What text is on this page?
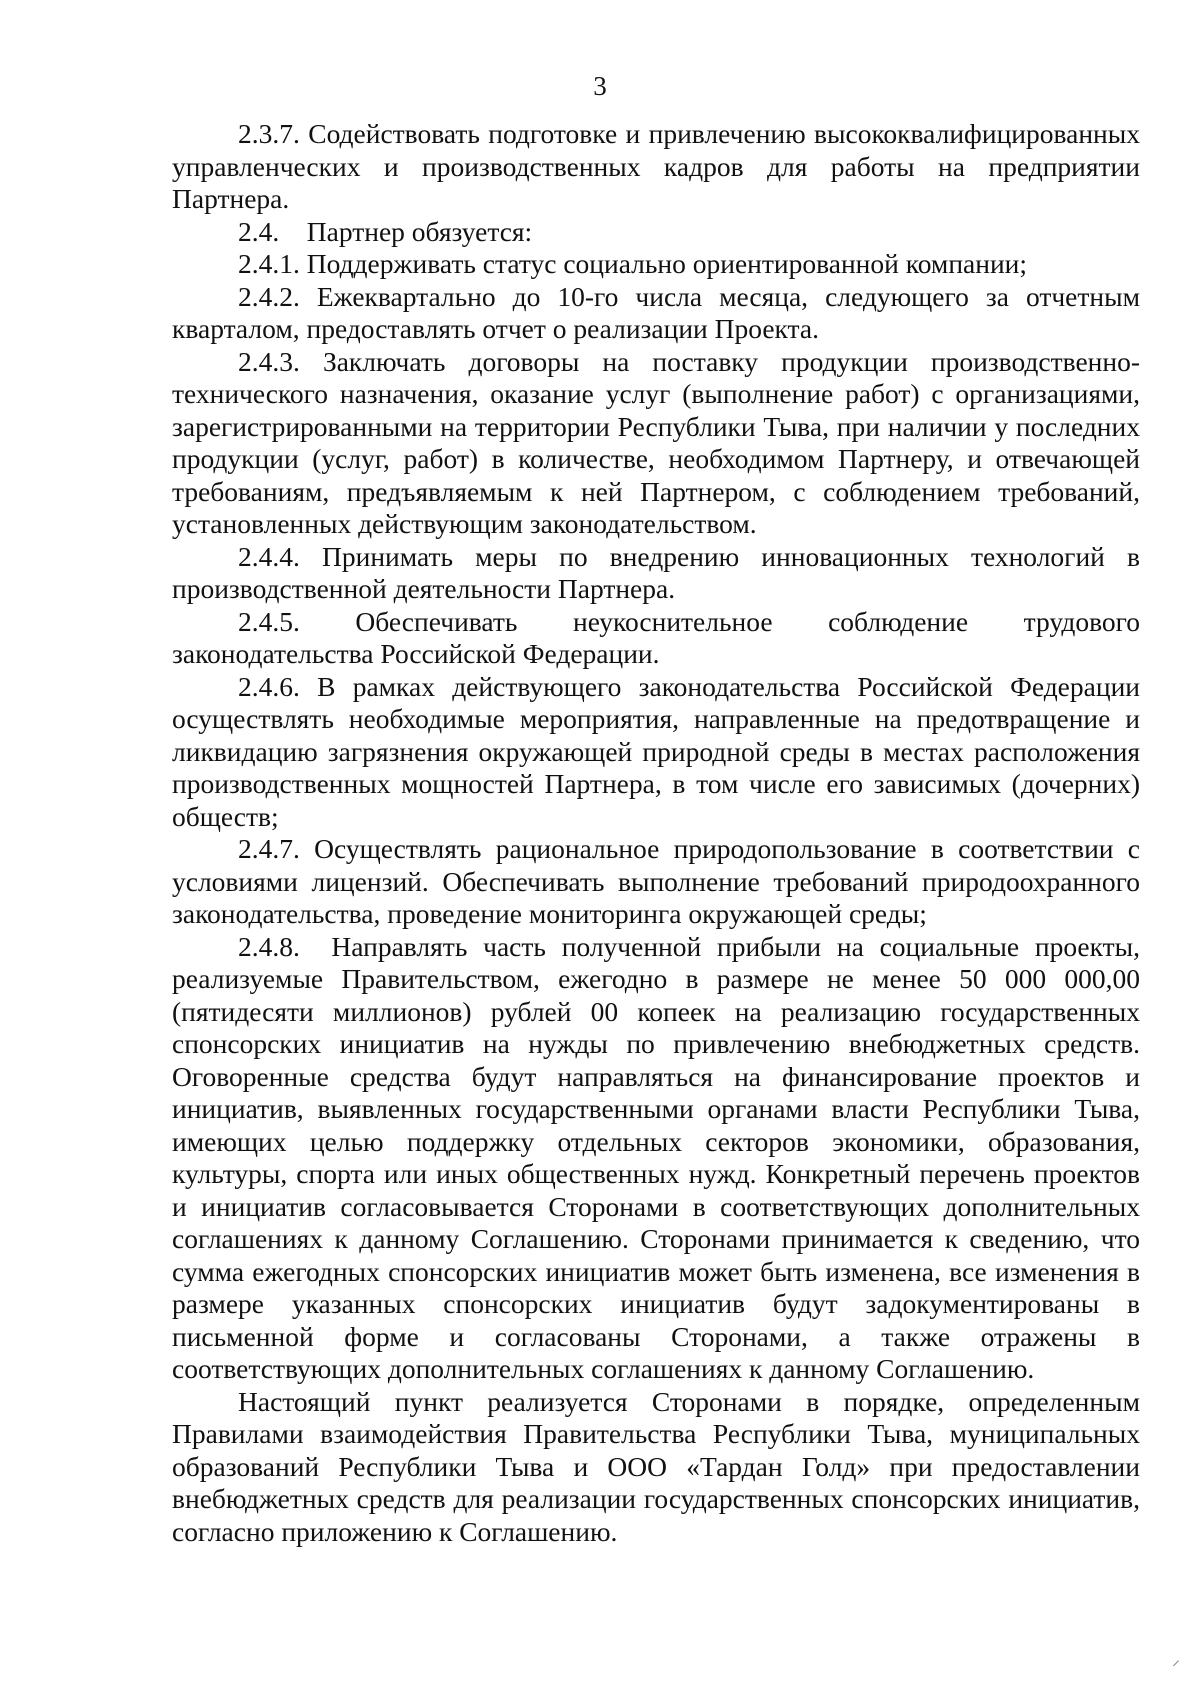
3

2.3.7. Содействовать подготовке и привлечению высококвалифицированных управленческих и производственных кадров для работы на предприятии Партнера.

2.4.    Партнер обязуется:

2.4.1. Поддерживать статус социально ориентированной компании;

2.4.2. Ежеквартально до 10-го числа месяца, следующего за отчетным кварталом, предоставлять отчет о реализации Проекта.

2.4.3. Заключать договоры на поставку продукции производственно-технического назначения, оказание услуг (выполнение работ) с организациями, зарегистрированными на территории Республики Тыва, при наличии у последних продукции (услуг, работ) в количестве, необходимом Партнеру, и отвечающей требованиям, предъявляемым к ней Партнером, с соблюдением требований, установленных действующим законодательством.

2.4.4. Принимать меры по внедрению инновационных технологий в производственной деятельности Партнера.

2.4.5. Обеспечивать неукоснительное соблюдение трудового законодательства Российской Федерации.

2.4.6. В рамках действующего законодательства Российской Федерации осуществлять необходимые мероприятия, направленные на предотвращение и ликвидацию загрязнения окружающей природной среды в местах расположения производственных мощностей Партнера, в том числе его зависимых (дочерних) обществ;

2.4.7. Осуществлять рациональное природопользование в соответствии с условиями лицензий. Обеспечивать выполнение требований природоохранного законодательства, проведение мониторинга окружающей среды;

2.4.8.  Направлять часть полученной прибыли на социальные проекты, реализуемые Правительством, ежегодно в размере не менее 50 000 000,00 (пятидесяти миллионов) рублей 00 копеек на реализацию государственных спонсорских инициатив на нужды по привлечению внебюджетных средств. Оговоренные средства будут направляться на финансирование проектов и инициатив, выявленных государственными органами власти Республики Тыва, имеющих целью поддержку отдельных секторов экономики, образования, культуры, спорта или иных общественных нужд. Конкретный перечень проектов и инициатив согласовывается Сторонами в соответствующих дополнительных соглашениях к данному Соглашению. Сторонами принимается к сведению, что сумма ежегодных спонсорских инициатив может быть изменена, все изменения в размере указанных спонсорских инициатив будут задокументированы в письменной форме и согласованы Сторонами, а также отражены в соответствующих дополнительных соглашениях к данному Соглашению.

Настоящий пункт реализуется Сторонами в порядке, определенным Правилами взаимодействия Правительства Республики Тыва, муниципальных образований Республики Тыва и ООО «Тардан Голд» при предоставлении внебюджетных средств для реализации государственных спонсорских инициатив, согласно приложению к Соглашению.

⸝
